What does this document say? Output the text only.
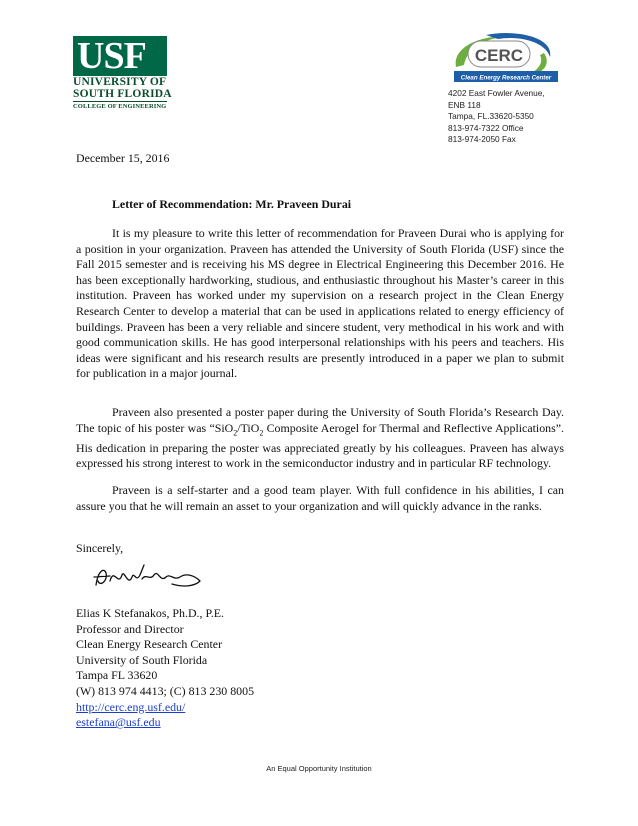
USF
UNIVERSITY OF
SOUTH FLORIDA
COLLEGE OF ENGINEERING
CERC
Clean Energy Research Center
4202 East Fowler Avenue,
ENB 118
Tampa, FL.33620-5350
813-974-7322 Office
813-974-2050 Fax
December 15, 2016
Letter of Recommendation: Mr. Praveen Durai

It is my pleasure to write this letter of recommendation for Praveen Durai who is applying for a position in your organization. Praveen has attended the University of South Florida (USF) since the Fall 2015 semester and is receiving his MS degree in Electrical Engineering this December 2016. He has been exceptionally hardworking, studious, and enthusiastic throughout his Master’s career in this institution. Praveen has worked under my supervision on a research project in the Clean Energy Research Center to develop a material that can be used in applications related to energy efficiency of buildings. Praveen has been a very reliable and sincere student, very methodical in his work and with good communication skills. He has good interpersonal relationships with his peers and teachers. His ideas were significant and his research results are presently introduced in a paper we plan to submit for publication in a major journal.

Praveen also presented a poster paper during the University of South Florida’s Research Day. The topic of his poster was “SiO$_2$/TiO$_2$ Composite Aerogel for Thermal and Reflective Applications”. His dedication in preparing the poster was appreciated greatly by his colleagues. Praveen has always expressed his strong interest to work in the semiconductor industry and in particular RF technology.

Praveen is a self-starter and a good team player. With full confidence in his abilities, I can assure you that he will remain an asset to your organization and will quickly advance in the ranks.

Sincerely,
Elias K Stefanakos, Ph.D., P.E.
Professor and Director
Clean Energy Research Center
University of South Florida
Tampa FL 33620
(W) 813 974 4413; (C) 813 230 8005
http://cerc.eng.usf.edu/
estefana@usf.edu
An Equal Opportunity Institution
